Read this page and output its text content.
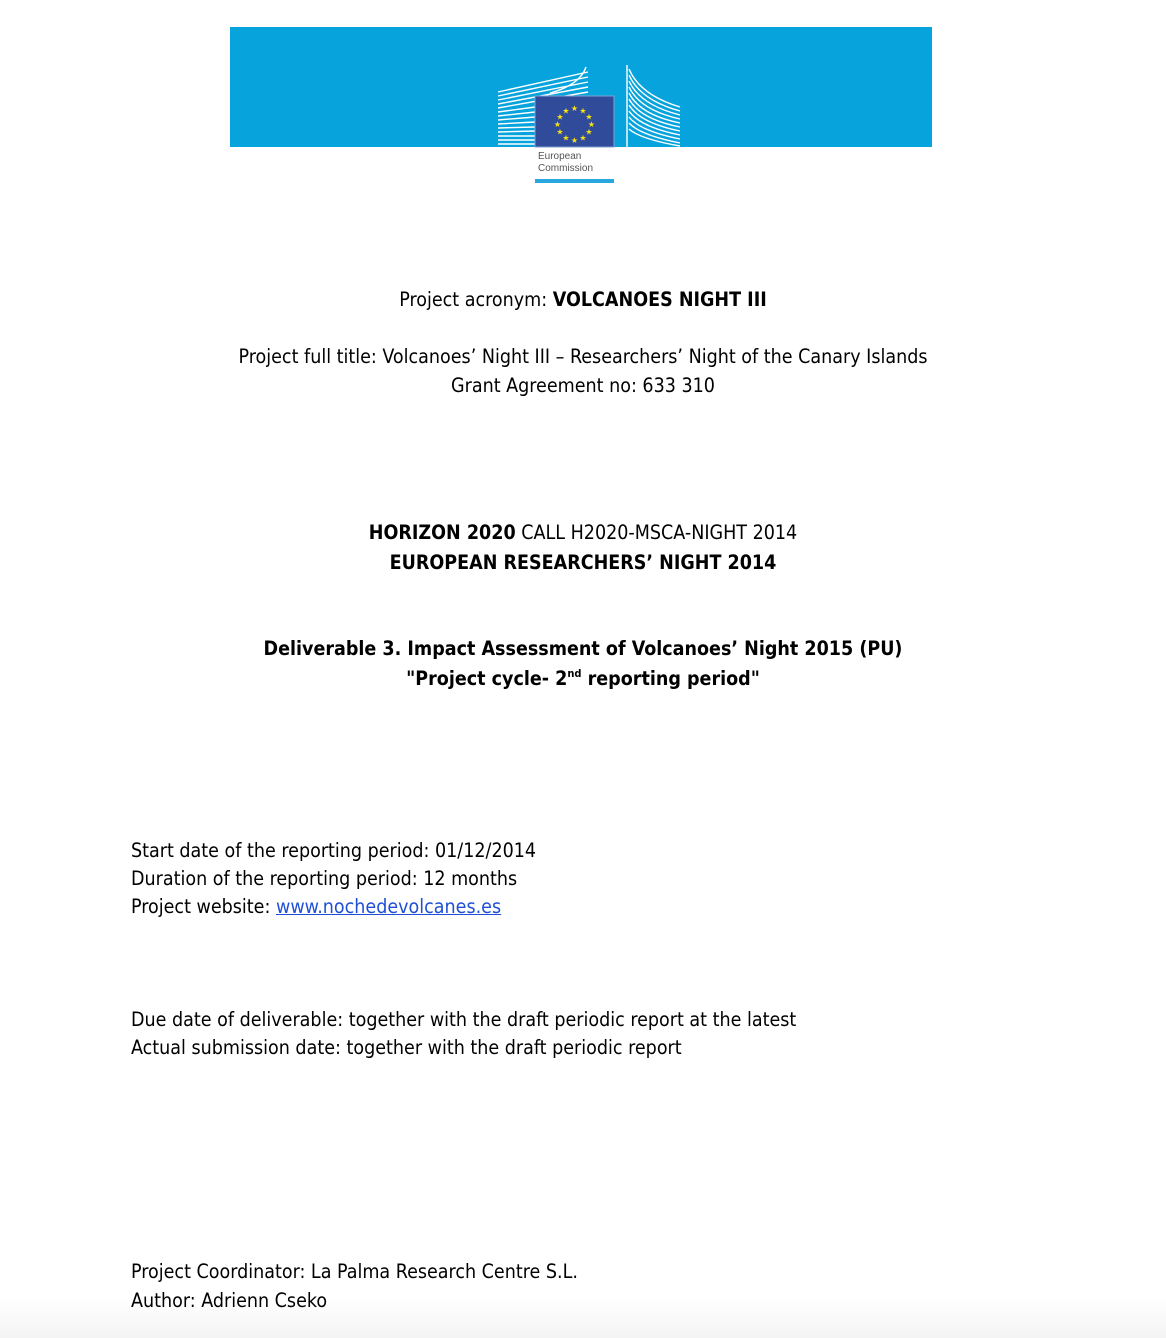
★ ★
★
★
★
★
★
★
★
★
★
★
European
Commission
Project acronym: VOLCANOES NIGHT III
Project full title: Volcanoes’ Night III – Researchers’ Night of the Canary Islands
Grant Agreement no: 633 310
HORIZON 2020 CALL H2020-MSCA-NIGHT 2014
EUROPEAN RESEARCHERS’ NIGHT 2014
Deliverable 3. Impact Assessment of Volcanoes’ Night 2015 (PU)
"Project cycle- 2nd reporting period"
Start date of the reporting period: 01/12/2014
Duration of the reporting period: 12 months
Project website: www.nochedevolcanes.es
Due date of deliverable: together with the draft periodic report at the latest
Actual submission date: together with the draft periodic report
Project Coordinator: La Palma Research Centre S.L.
Author: Adrienn Cseko
